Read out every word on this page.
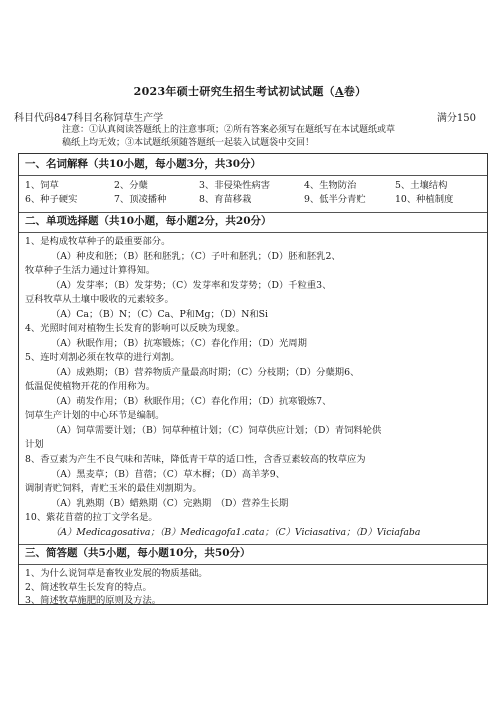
2023年硕士研究生招生考试初试试题（A卷）
科目代码847科目名称饲草生产学	满分150
注意：①认真阅读答题纸上的注意事项；②所有答案必须写在题纸写在本试题纸或草
稿纸上均无效；③本试题纸须随答题纸一起装入试题袋中交回！
一、名词解释（共10小题，每小题3分，共30分）
1、饲草	2、分蘖	3、非侵染性病害	4、生物防治	5、土壤结构
6、种子硬实	7、顶凌播种	8、育苗移栽	9、低半分青贮	10、种植制度
二、单项选择题（共10小题，每小题2分，共20分）
1、是构成牧草种子的最重要部分。
（A）种皮和胚；（B）胚和胚乳；（C）子叶和胚乳；（D）胚和胚乳2、
牧草种子生活力通过计算得知。
（A）发芽率；（B）发芽势；（C）发芽率和发芽势；（D）千粒重3、
豆科牧草从土壤中吸收的元素较多。
（A）Ca；（B）N；（C）Ca、P和Mg；（D）N和Si
4、光照时间对植物生长发育的影响可以反映为现象。
（A）秋眠作用；（B）抗寒锻炼；（C）春化作用；（D）光周期
5、连时刈割必须在牧草的进行刈割。
（A）成熟期；（B）营养物质产量最高时期；（C）分枝期；（D）分蘖期6、
低温促使植物开花的作用称为。
（A）萌发作用；（B）秋眠作用；（C）春化作用；（D）抗寒锻炼7、
饲草生产计划的中心环节是编制。
（A）饲草需要计划；（B）饲草种植计划；（C）饲草供应计划；（D）青饲料轮供
计划
8、香豆素为产生不良气味和苦味，降低青干草的适口性，含香豆素较高的牧草应为
（A）黑麦草；（B）苜蓿；（C）草木樨；（D）高羊茅9、
调制青贮饲料，青贮玉米的最佳刈割期为。
（A）乳熟期（B）蜡熟期（C）完熟期　（D）营养生长期
10、紫花苜蓿的拉丁文学名是。
（A）Medicagosativa；（B）Medicagofa1.cata；（C）Viciasativa；（D）Viciafaba
三、简答题（共5小题，每小题10分，共50分）
1、为什么说饲草是畜牧业发展的物质基础。
2、简述牧草生长发育的特点。
3、简述牧草施肥的原则及方法。
